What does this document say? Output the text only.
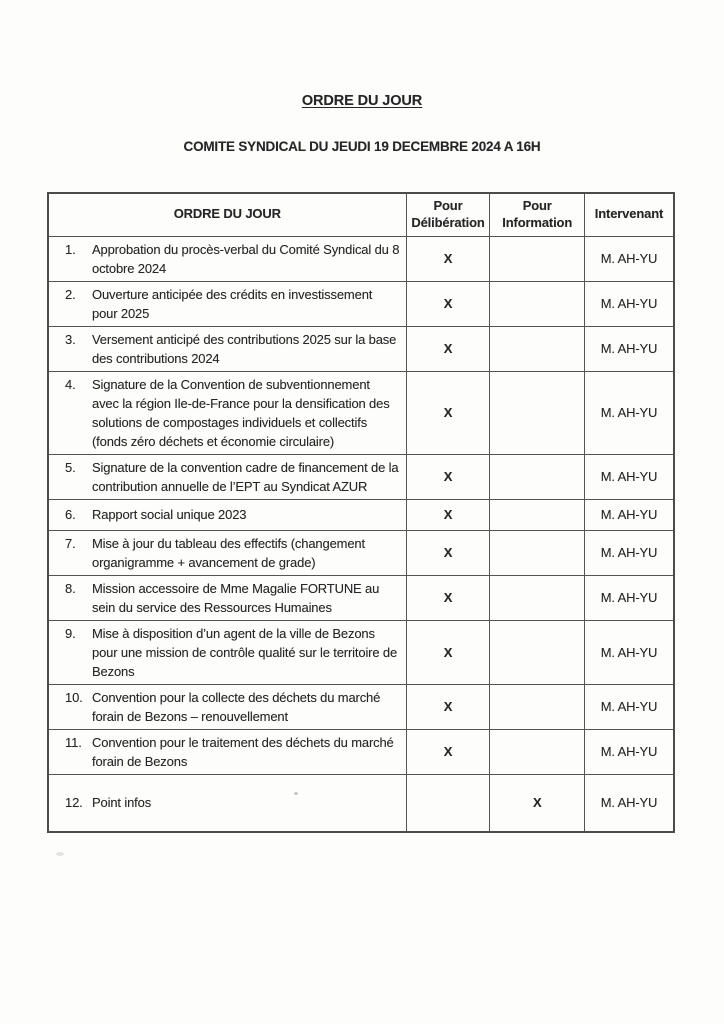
ORDRE DU JOUR
COMITE SYNDICAL DU JEUDI 19 DECEMBRE 2024 A 16H
ORDRE DU JOUR	Pour Délibération	Pour Information	Intervenant

1. Approbation du procès-verbal du Comité Syndical du 8 octobre 2024	X		M. AH-YU

2. Ouverture anticipée des crédits en investissement pour 2025	X		M. AH-YU

3. Versement anticipé des contributions 2025 sur la base des contributions 2024	X		M. AH-YU

4. Signature de la Convention de subventionnement avec la région Ile-de-France pour la densification des solutions de compostages individuels et collectifs (fonds zéro déchets et économie circulaire)	X		M. AH-YU

5. Signature de la convention cadre de financement de la contribution annuelle de l’EPT au Syndicat AZUR	X		M. AH-YU

6. Rapport social unique 2023	X		M. AH-YU

7. Mise à jour du tableau des effectifs (changement organigramme + avancement de grade)	X		M. AH-YU

8. Mission accessoire de Mme Magalie FORTUNE au sein du service des Ressources Humaines	X		M. AH-YU

9. Mise à disposition d’un agent de la ville de Bezons pour une mission de contrôle qualité sur le territoire de Bezons	X		M. AH-YU

10. Convention pour la collecte des déchets du marché forain de Bezons – renouvellement	X		M. AH-YU

11. Convention pour le traitement des déchets du marché forain de Bezons	X		M. AH-YU

12. Point infos		X	M. AH-YU
